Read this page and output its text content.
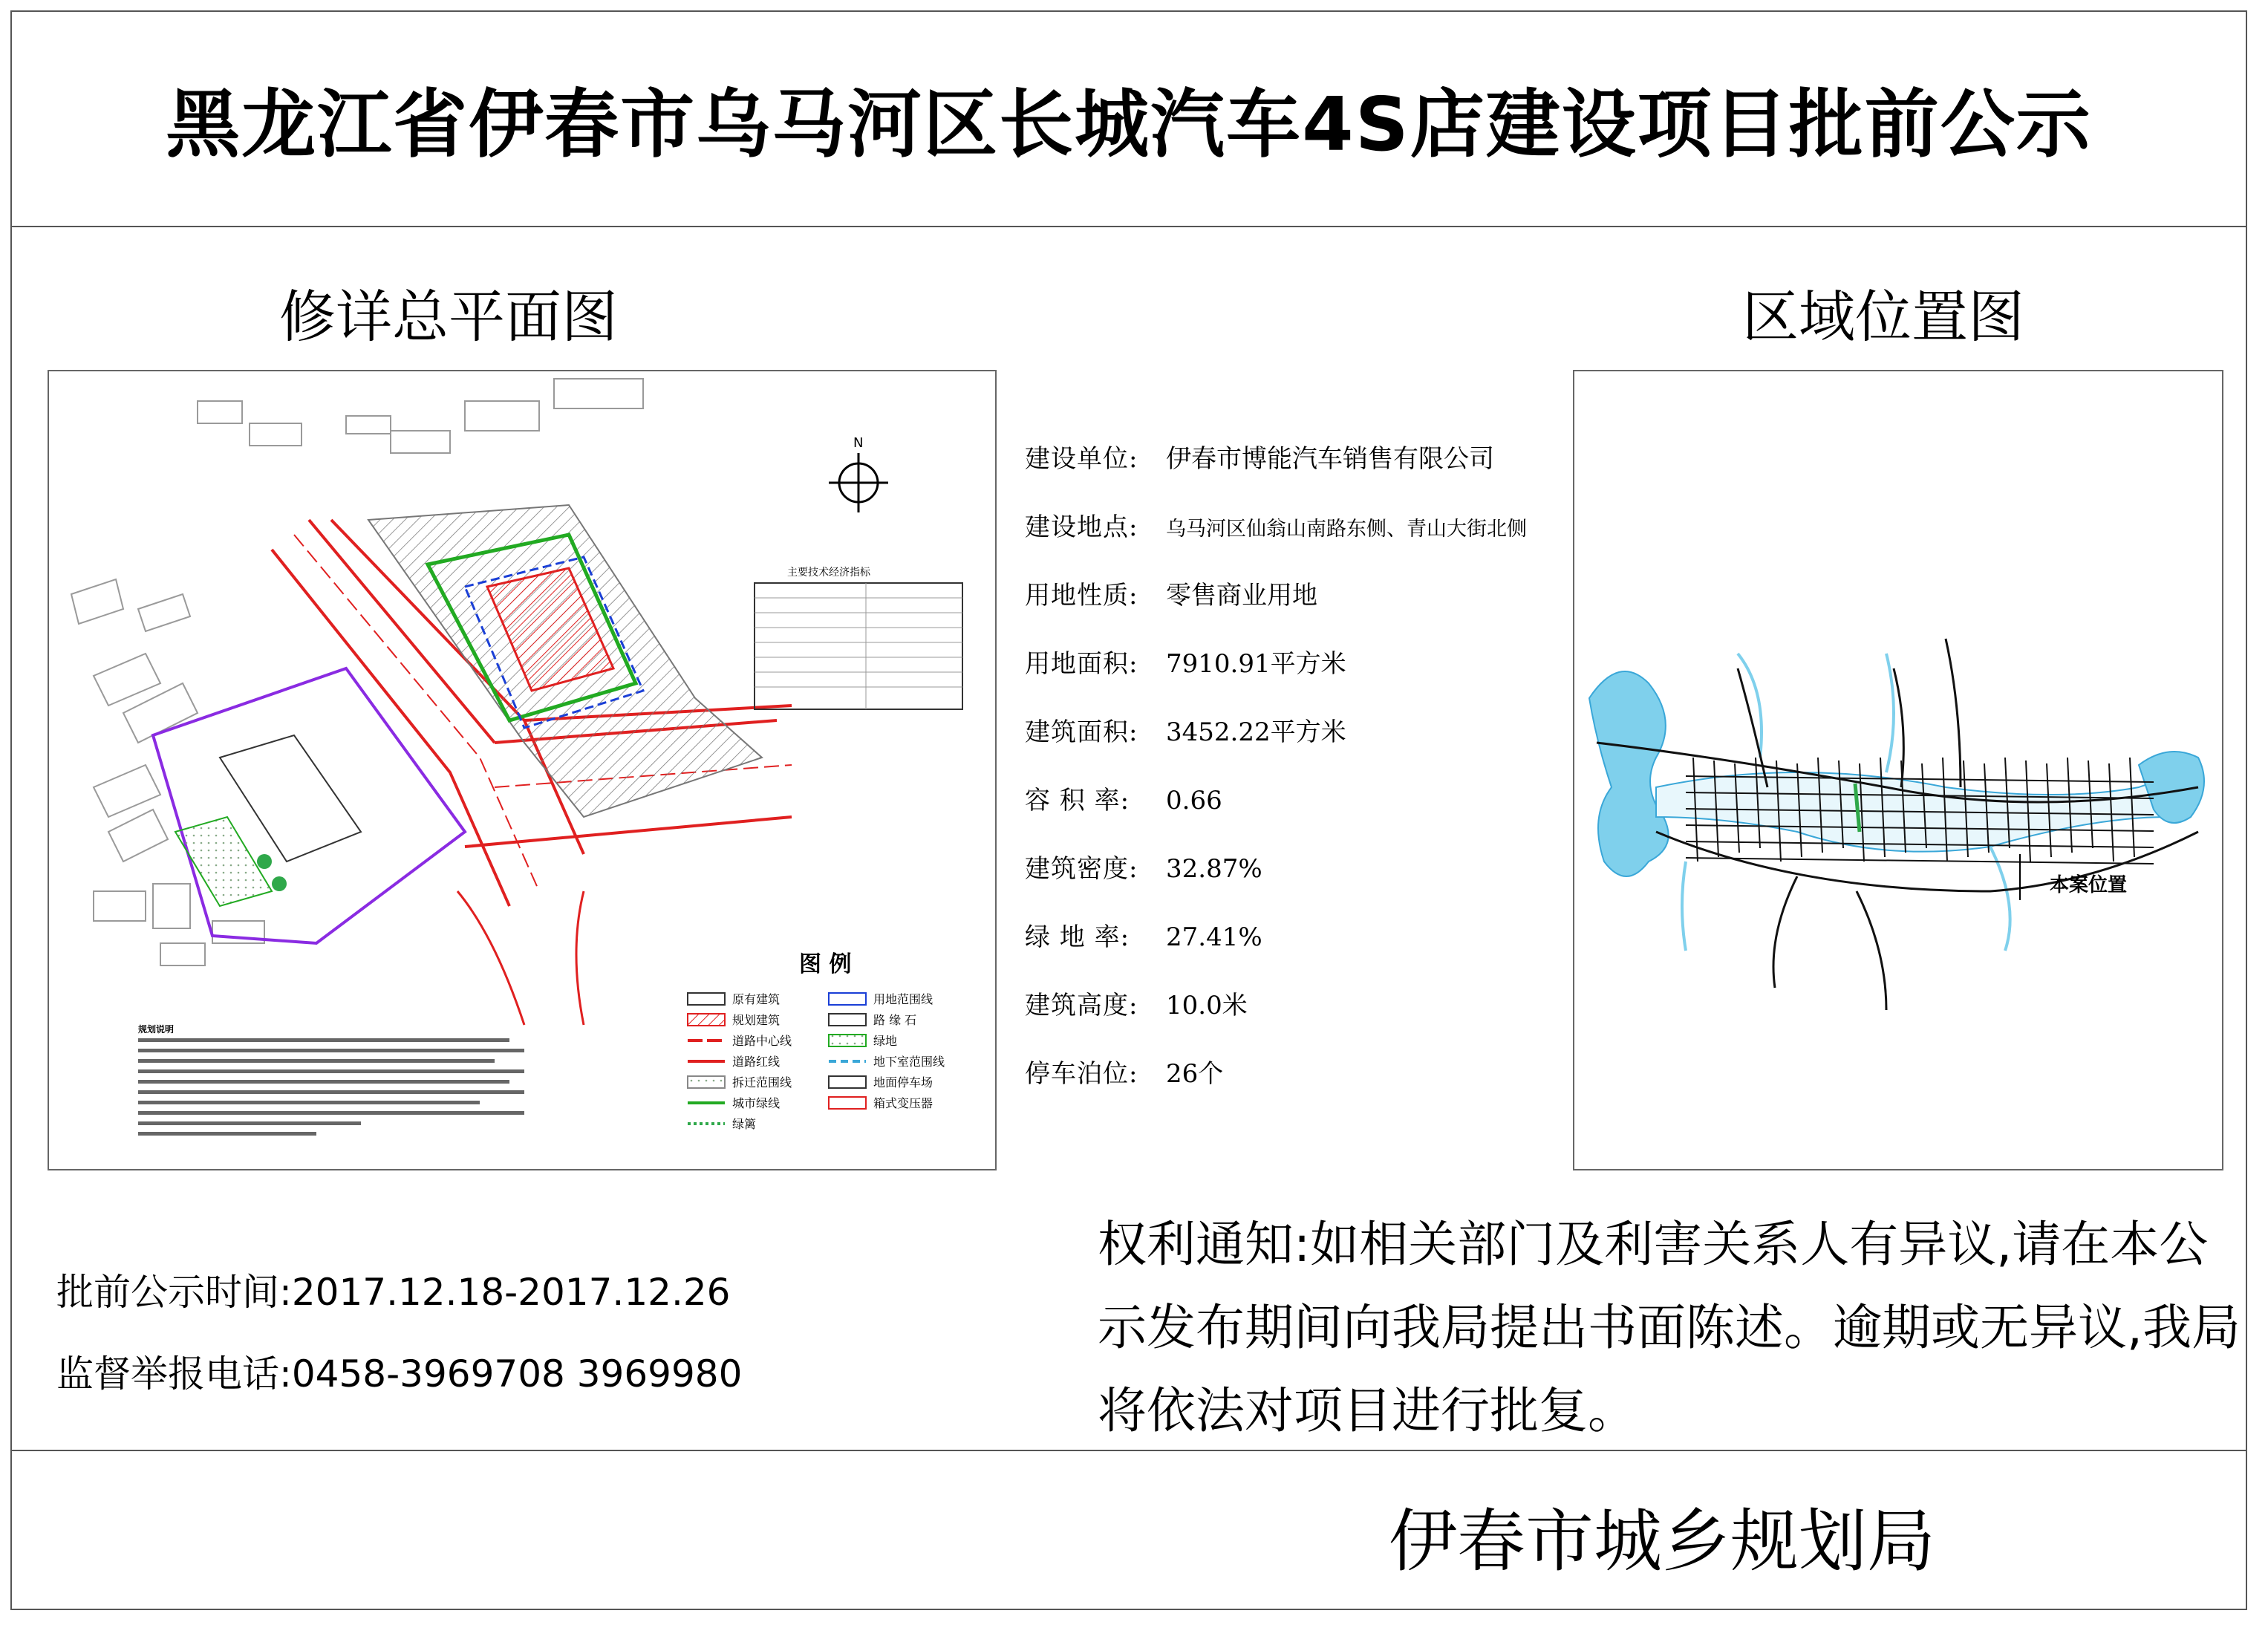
黑龙江省伊春市乌马河区长城汽车4S店建设项目批前公示
修详总平面图	区域位置图
N
主要技术经济指标
图 例
原有建筑
规划建筑
道路中心线
道路红线
拆迁范围线
城市绿线
绿篱
用地范围线
路 缘 石
绿地
地下室范围线
地面停车场
箱式变压器
规划说明
本案位置
建设单位: 伊春市博能汽车销售有限公司
建设地点: 乌马河区仙翁山南路东侧、青山大街北侧
用地性质: 零售商业用地
用地面积: 7910.91平方米
建筑面积: 3452.22平方米
容 积 率: 0.66
建筑密度: 32.87%
绿 地 率: 27.41%
建筑高度: 10.0米
停车泊位: 26个
批前公示时间:2017.12.18-2017.12.26
监督举报电话:0458-3969708 3969980
权利通知:如相关部门及利害关系人有异议,请在本公示发布期间向我局提出书面陈述。逾期或无异议,我局将依法对项目进行批复。
伊春市城乡规划局
